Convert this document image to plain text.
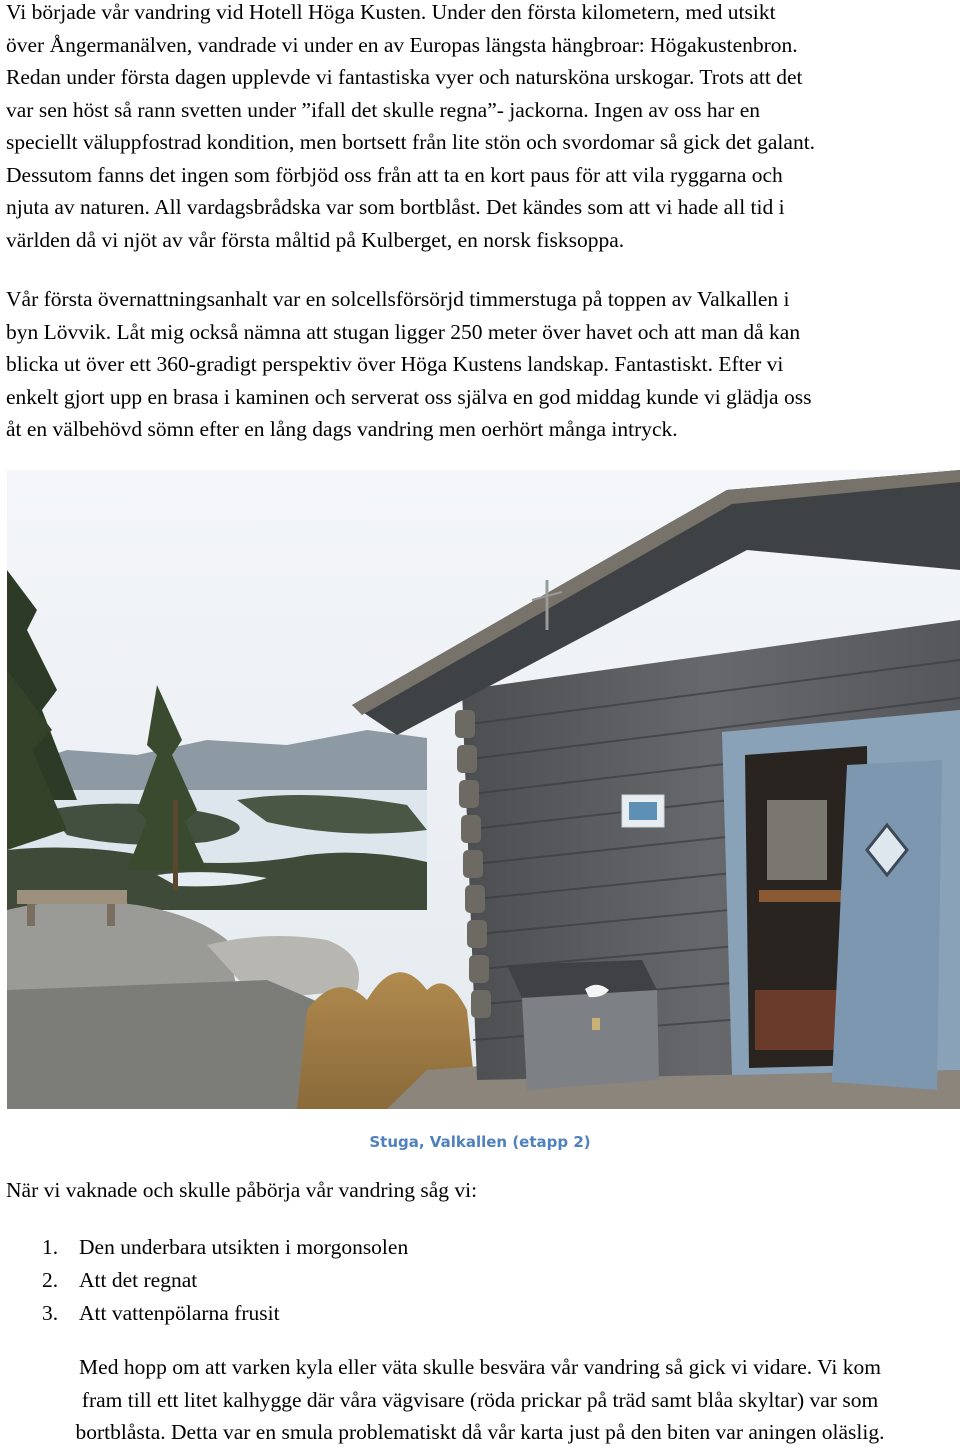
Vi började vår vandring vid Hotell Höga Kusten. Under den första kilometern, med utsikt
över Ångermanälven, vandrade vi under en av Europas längsta hängbroar: Högakustenbron.
Redan under första dagen upplevde vi fantastiska vyer och natursköna urskogar. Trots att det
var sen höst så rann svetten under ”ifall det skulle regna”- jackorna. Ingen av oss har en
speciellt väluppfostrad kondition, men bortsett från lite stön och svordomar så gick det galant.
Dessutom fanns det ingen som förbjöd oss från att ta en kort paus för att vila ryggarna och
njuta av naturen. All vardagsbrådska var som bortblåst. Det kändes som att vi hade all tid i
världen då vi njöt av vår första måltid på Kulberget, en norsk fisksoppa.
Vår första övernattningsanhalt var en solcellsförsörjd timmerstuga på toppen av Valkallen i
byn Lövvik. Låt mig också nämna att stugan ligger 250 meter över havet och att man då kan
blicka ut över ett 360-gradigt perspektiv över Höga Kustens landskap. Fantastiskt. Efter vi
enkelt gjort upp en brasa i kaminen och serverat oss själva en god middag kunde vi glädja oss
åt en välbehövd sömn efter en lång dags vandring men oerhört många intryck.
Stuga, Valkallen (etapp 2)
När vi vaknade och skulle påbörja vår vandring såg vi:
1. Den underbara utsikten i morgonsolen
2. Att det regnat
3. Att vattenpölarna frusit
Med hopp om att varken kyla eller väta skulle besvära vår vandring så gick vi vidare. Vi kom
fram till ett litet kalhygge där våra vägvisare (röda prickar på träd samt blåa skyltar) var som
bortblåsta. Detta var en smula problematiskt då vår karta just på den biten var aningen oläslig.
